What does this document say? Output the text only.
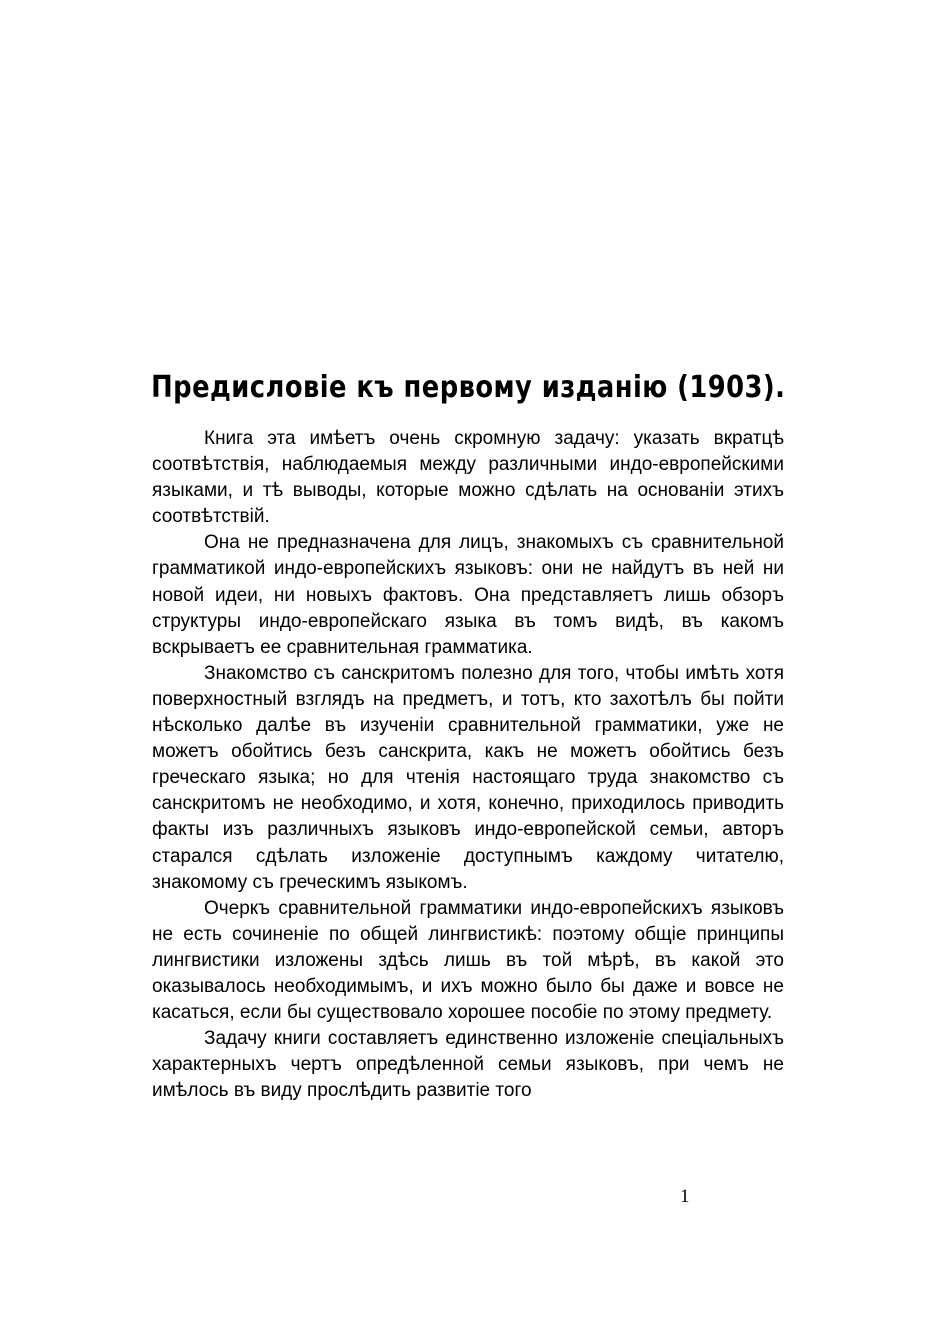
Предисловіе къ первому изданію (1903).

Книга эта имѣетъ очень скромную задачу: указать вкратцѣ соотвѣтствія, наблюдаемыя между различными индо-европейскими языками, и тѣ выводы, которые можно сдѣлать на основаніи этихъ соотвѣтствій.

Она не предназначена для лицъ, знакомыхъ съ сравнительной грамматикой индо-европейскихъ языковъ: они не найдутъ въ ней ни новой идеи, ни новыхъ фактовъ. Она представляетъ лишь обзоръ структуры индо-европейскаго языка въ томъ видѣ, въ какомъ вскрываетъ ее сравнительная грамматика.

Знакомство съ санскритомъ полезно для того, чтобы имѣть хотя поверхностный взглядъ на предметъ, и тотъ, кто захотѣлъ бы пойти нѣсколько далѣе въ изученіи сравнительной грамматики, уже не можетъ обойтись безъ санскрита, какъ не можетъ обойтись безъ греческаго языка; но для чтенія настоящаго труда знакомство съ санскритомъ не необходимо, и хотя, конечно, приходилось приводить факты изъ различныхъ языковъ индо-европейской семьи, авторъ старался сдѣлать изложеніе доступнымъ каждому читателю, знакомому съ греческимъ языкомъ.

Очеркъ сравнительной грамматики индо-европейскихъ языковъ не есть сочиненіе по общей лингвистикѣ: поэтому общіе принципы лингвистики изложены здѣсь лишь въ той мѣрѣ, въ какой это оказывалось необходимымъ, и ихъ можно было бы даже и вовсе не касаться, если бы существовало хорошее пособіе по этому предмету.

Задачу книги составляетъ единственно изложеніе спеціальныхъ характерныхъ чертъ опредѣленной семьи языковъ, при чемъ не имѣлось въ виду прослѣдить развитіе того

1
